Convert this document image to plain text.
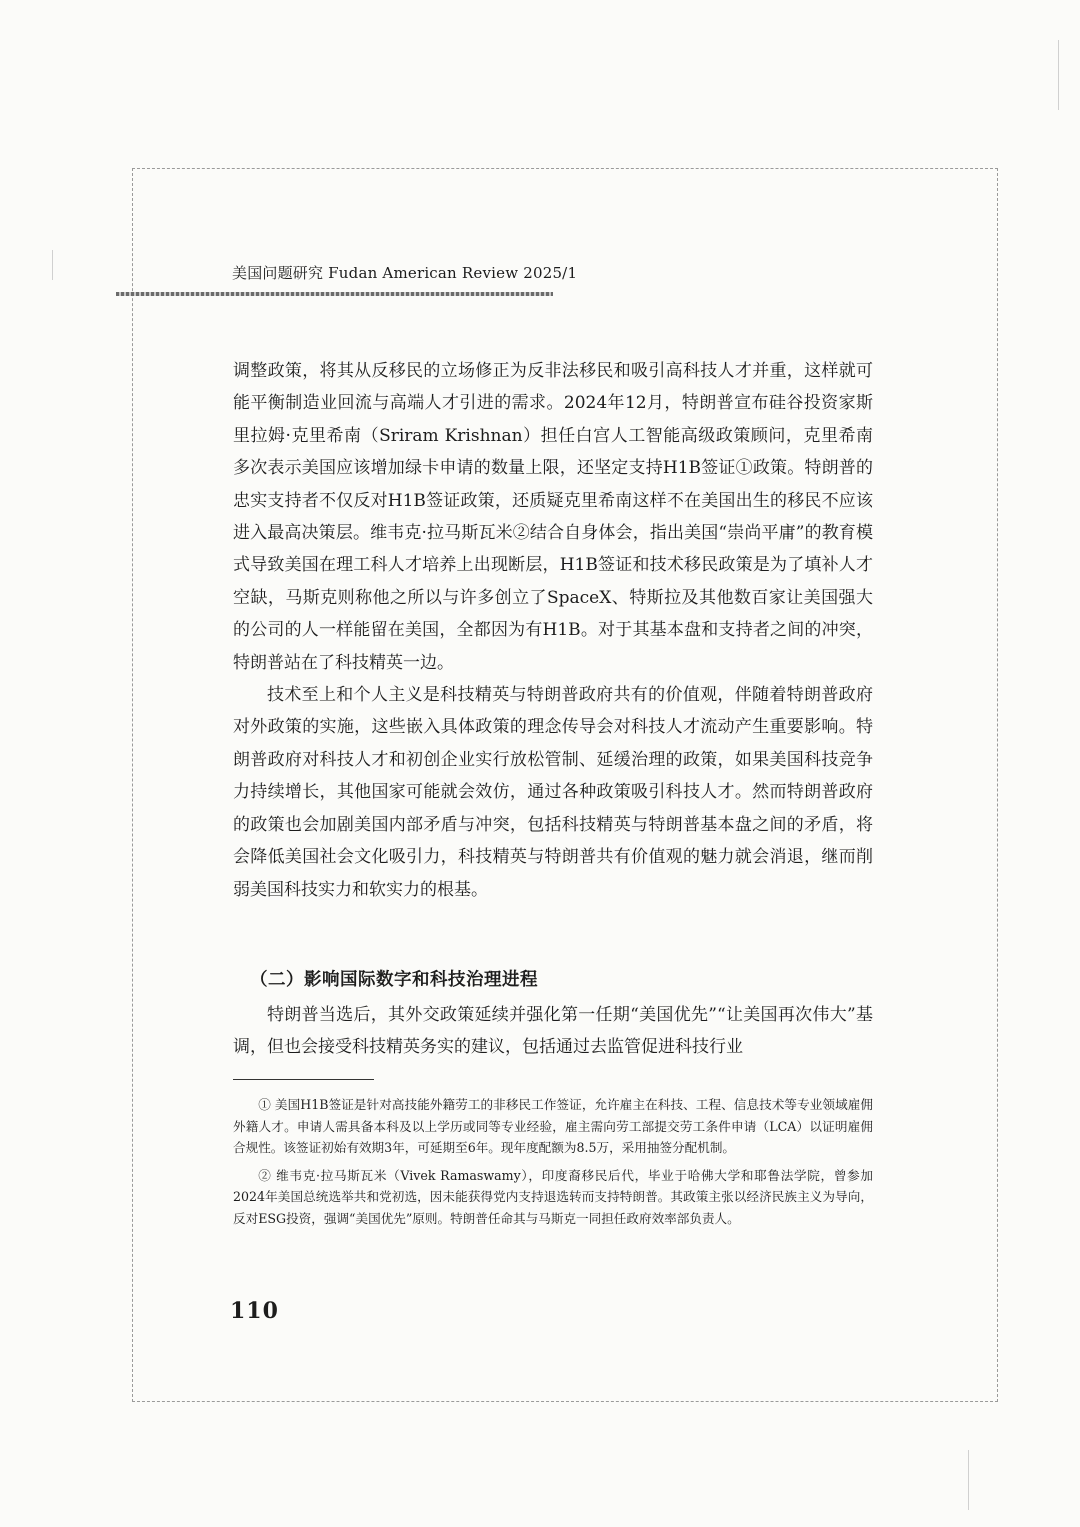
美国问题研究 Fudan American Review 2025/1

调整政策，将其从反移民的立场修正为反非法移民和吸引高科技人才并重，这样就可能平衡制造业回流与高端人才引进的需求。2024年12月，特朗普宣布硅谷投资家斯里拉姆·克里希南（Sriram Krishnan）担任白宫人工智能高级政策顾问，克里希南多次表示美国应该增加绿卡申请的数量上限，还坚定支持H1B签证①政策。特朗普的忠实支持者不仅反对H1B签证政策，还质疑克里希南这样不在美国出生的移民不应该进入最高决策层。维韦克·拉马斯瓦米②结合自身体会，指出美国“崇尚平庸”的教育模式导致美国在理工科人才培养上出现断层，H1B签证和技术移民政策是为了填补人才空缺，马斯克则称他之所以与许多创立了SpaceX、特斯拉及其他数百家让美国强大的公司的人一样能留在美国，全都因为有H1B。对于其基本盘和支持者之间的冲突，特朗普站在了科技精英一边。

技术至上和个人主义是科技精英与特朗普政府共有的价值观，伴随着特朗普政府对外政策的实施，这些嵌入具体政策的理念传导会对科技人才流动产生重要影响。特朗普政府对科技人才和初创企业实行放松管制、延缓治理的政策，如果美国科技竞争力持续增长，其他国家可能就会效仿，通过各种政策吸引科技人才。然而特朗普政府的政策也会加剧美国内部矛盾与冲突，包括科技精英与特朗普基本盘之间的矛盾，将会降低美国社会文化吸引力，科技精英与特朗普共有价值观的魅力就会消退，继而削弱美国科技实力和软实力的根基。

（二）影响国际数字和科技治理进程

特朗普当选后，其外交政策延续并强化第一任期“美国优先”“让美国再次伟大”基调，但也会接受科技精英务实的建议，包括通过去监管促进科技行业

① 美国H1B签证是针对高技能外籍劳工的非移民工作签证，允许雇主在科技、工程、信息技术等专业领域雇佣外籍人才。申请人需具备本科及以上学历或同等专业经验，雇主需向劳工部提交劳工条件申请（LCA）以证明雇佣合规性。该签证初始有效期3年，可延期至6年。现年度配额为8.5万，采用抽签分配机制。

② 维韦克·拉马斯瓦米（Vivek Ramaswamy），印度裔移民后代，毕业于哈佛大学和耶鲁法学院，曾参加2024年美国总统选举共和党初选，因未能获得党内支持退选转而支持特朗普。其政策主张以经济民族主义为导向，反对ESG投资，强调“美国优先”原则。特朗普任命其与马斯克一同担任政府效率部负责人。

110
